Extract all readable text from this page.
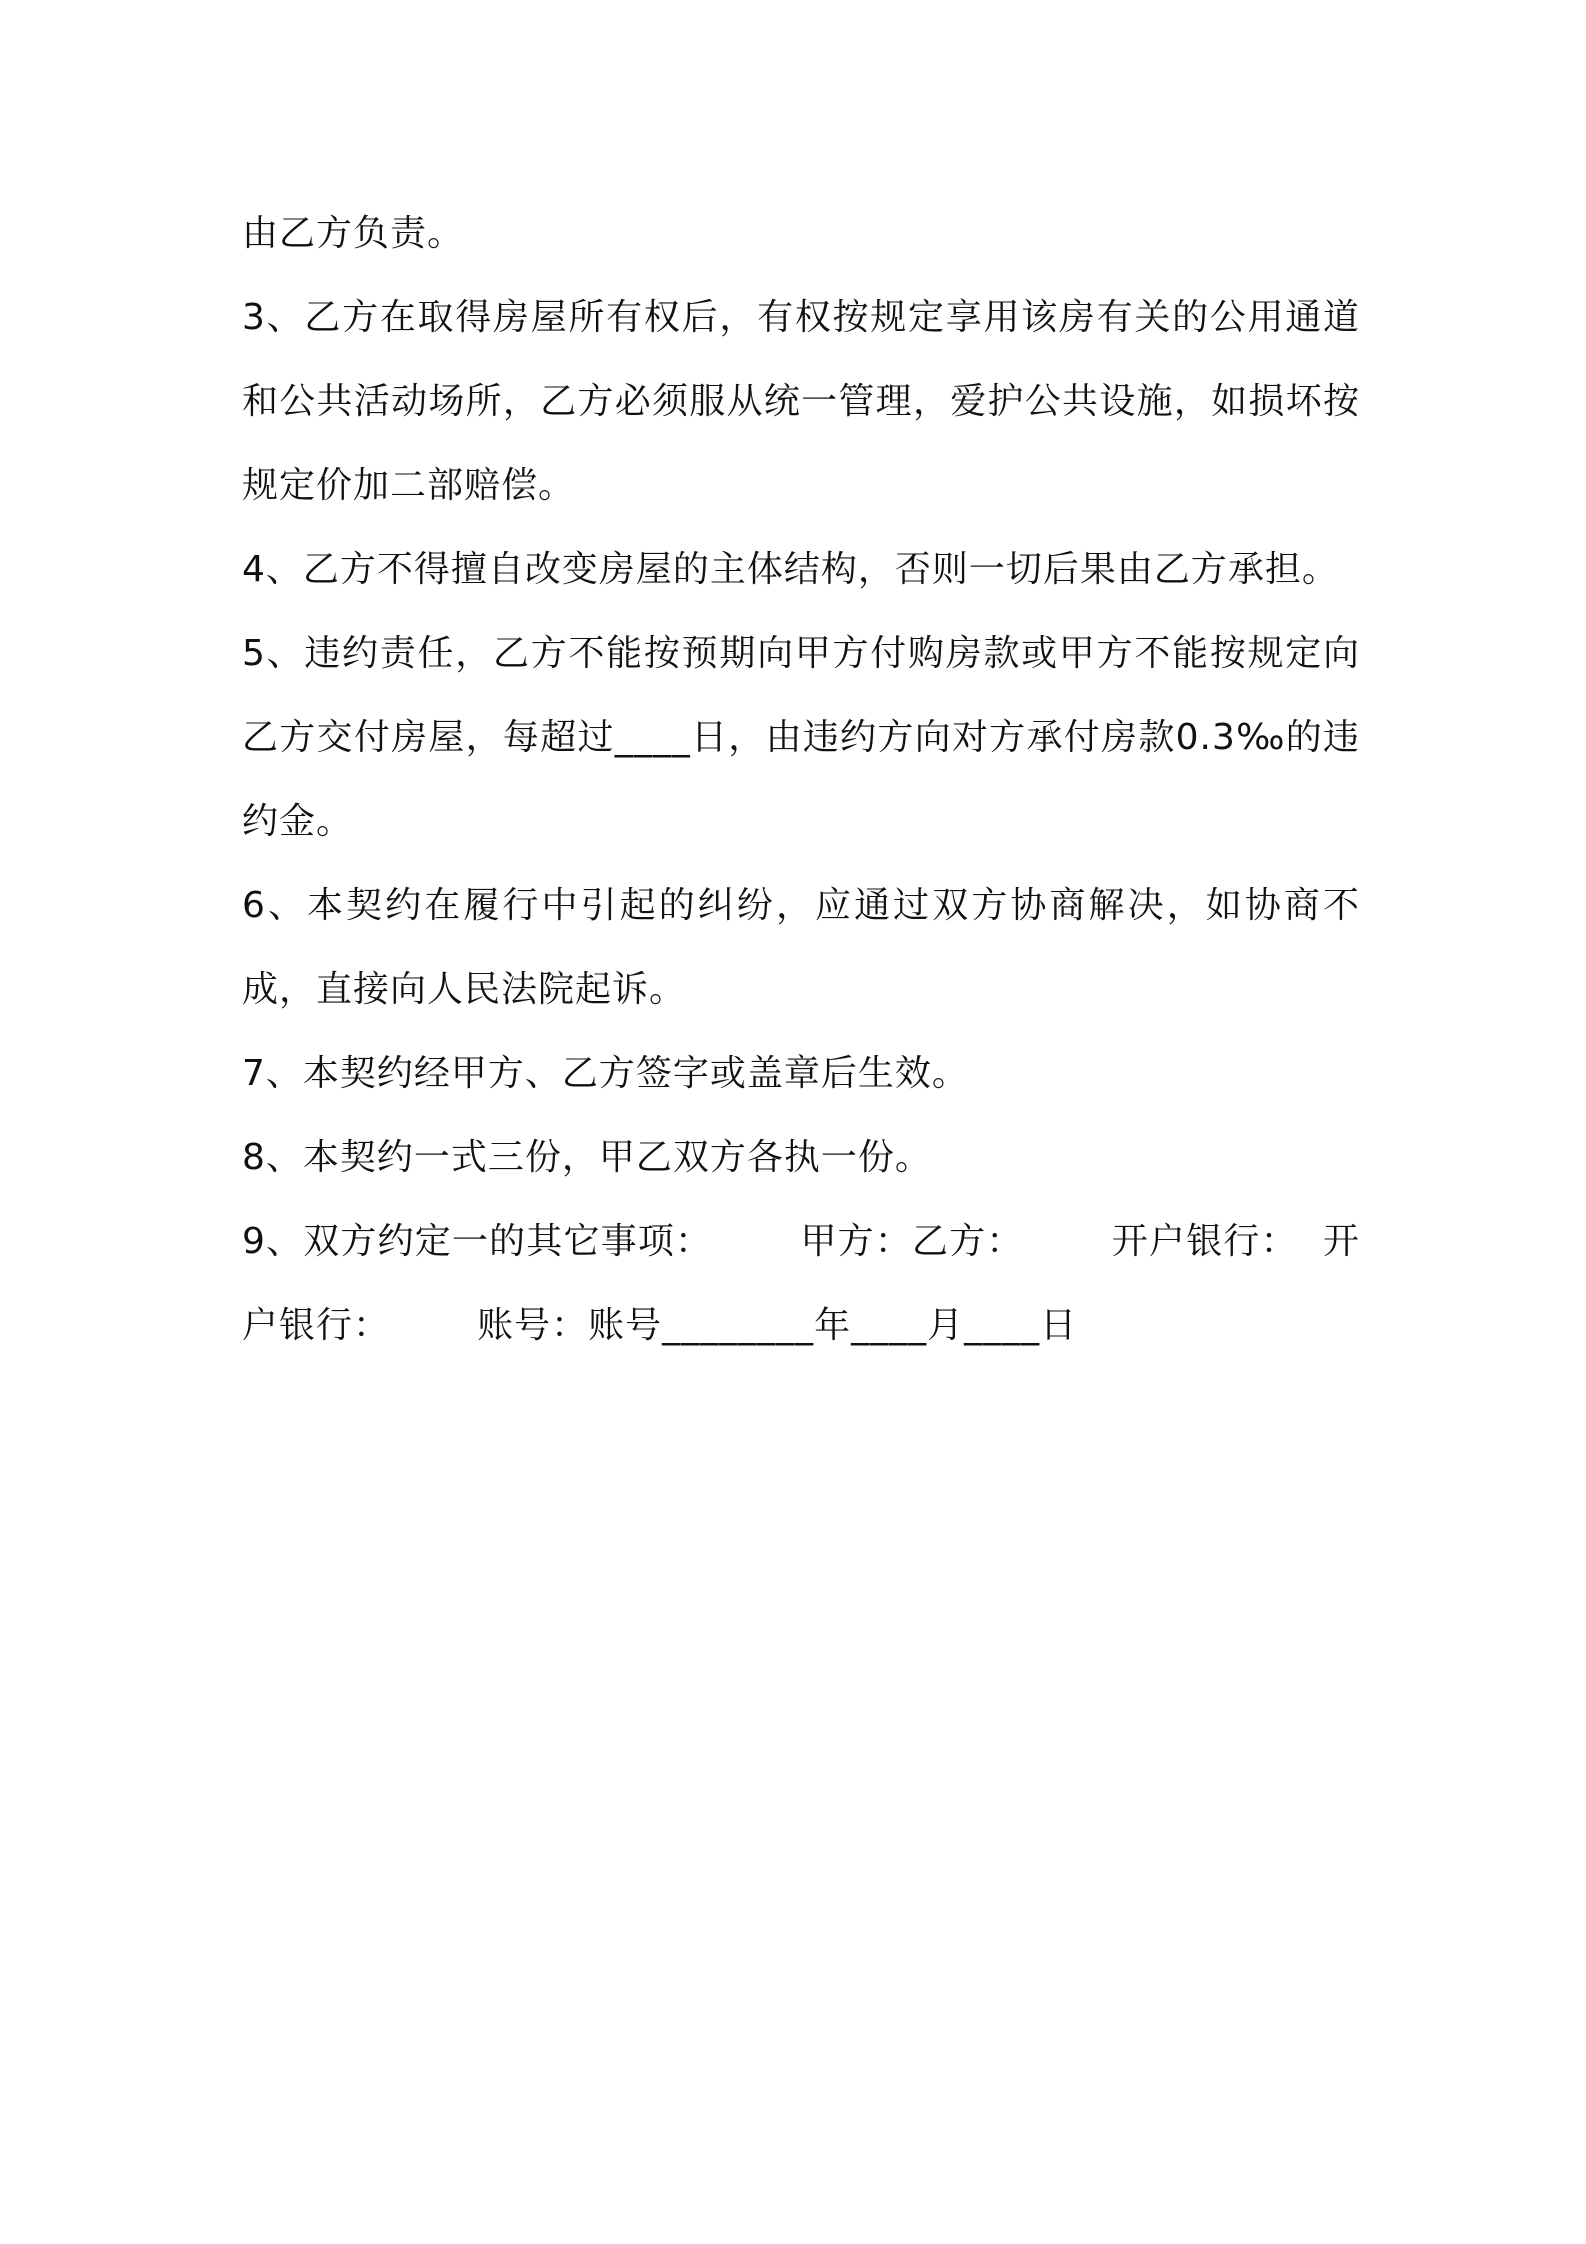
由乙方负责。

3、乙方在取得房屋所有权后，有权按规定享用该房有关的公用通道和公共活动场所，乙方必须服从统一管理，爱护公共设施，如损坏按规定价加二部赔偿。

4、乙方不得擅自改变房屋的主体结构，否则一切后果由乙方承担。

5、违约责任，乙方不能按预期向甲方付购房款或甲方不能按规定向乙方交付房屋，每超过____日，由违约方向对方承付房款0.3‰的违约金。

6、本契约在履行中引起的纠纷，应通过双方协商解决，如协商不成，直接向人民法院起诉。

7、本契约经甲方、乙方签字或盖章后生效。

8、本契约一式三份，甲乙双方各执一份。

9、双方约定一的其它事项：       甲方：乙方：       开户银行：  开户银行：       账号：账号________年____月____日
